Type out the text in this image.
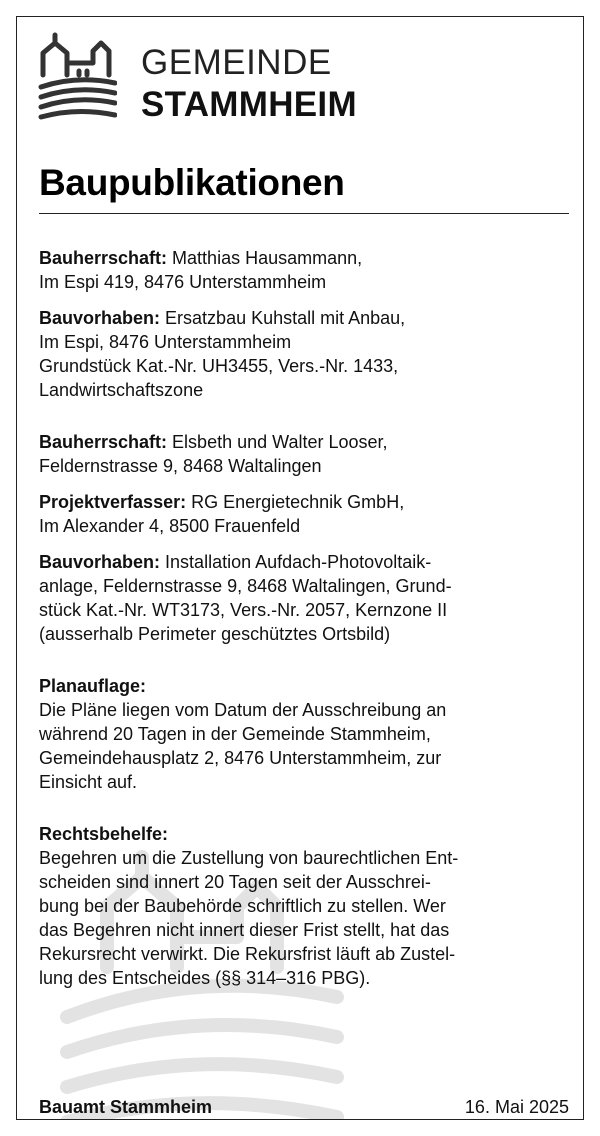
GEMEINDE
STAMMHEIM
Baupublikationen

Bauherrschaft: Matthias Hausammann,
Im Espi 419, 8476 Unterstammheim

Bauvorhaben: Ersatzbau Kuhstall mit Anbau,
Im Espi, 8476 Unterstammheim
Grundstück Kat.-Nr. UH3455, Vers.-Nr. 1433,
Landwirtschaftszone

Bauherrschaft: Elsbeth und Walter Looser,
Feldernstrasse 9, 8468 Waltalingen

Projektverfasser: RG Energietechnik GmbH,
Im Alexander 4, 8500 Frauenfeld

Bauvorhaben: Installation Aufdach-Photovoltaik-
anlage, Feldernstrasse 9, 8468 Waltalingen, Grund-
stück Kat.-Nr. WT3173, Vers.-Nr. 2057, Kernzone II
(ausserhalb Perimeter geschütztes Ortsbild)

Planauflage:
Die Pläne liegen vom Datum der Ausschreibung an
während 20 Tagen in der Gemeinde Stammheim,
Gemeindehausplatz 2, 8476 Unterstammheim, zur
Einsicht auf.

Rechtsbehelfe:
Begehren um die Zustellung von baurechtlichen Ent-
scheiden sind innert 20 Tagen seit der Ausschrei-
bung bei der Baubehörde schriftlich zu stellen. Wer
das Begehren nicht innert dieser Frist stellt, hat das
Rekursrecht verwirkt. Die Rekursfrist läuft ab Zustel-
lung des Entscheides (§§ 314–316 PBG).

Bauamt Stammheim	16. Mai 2025
